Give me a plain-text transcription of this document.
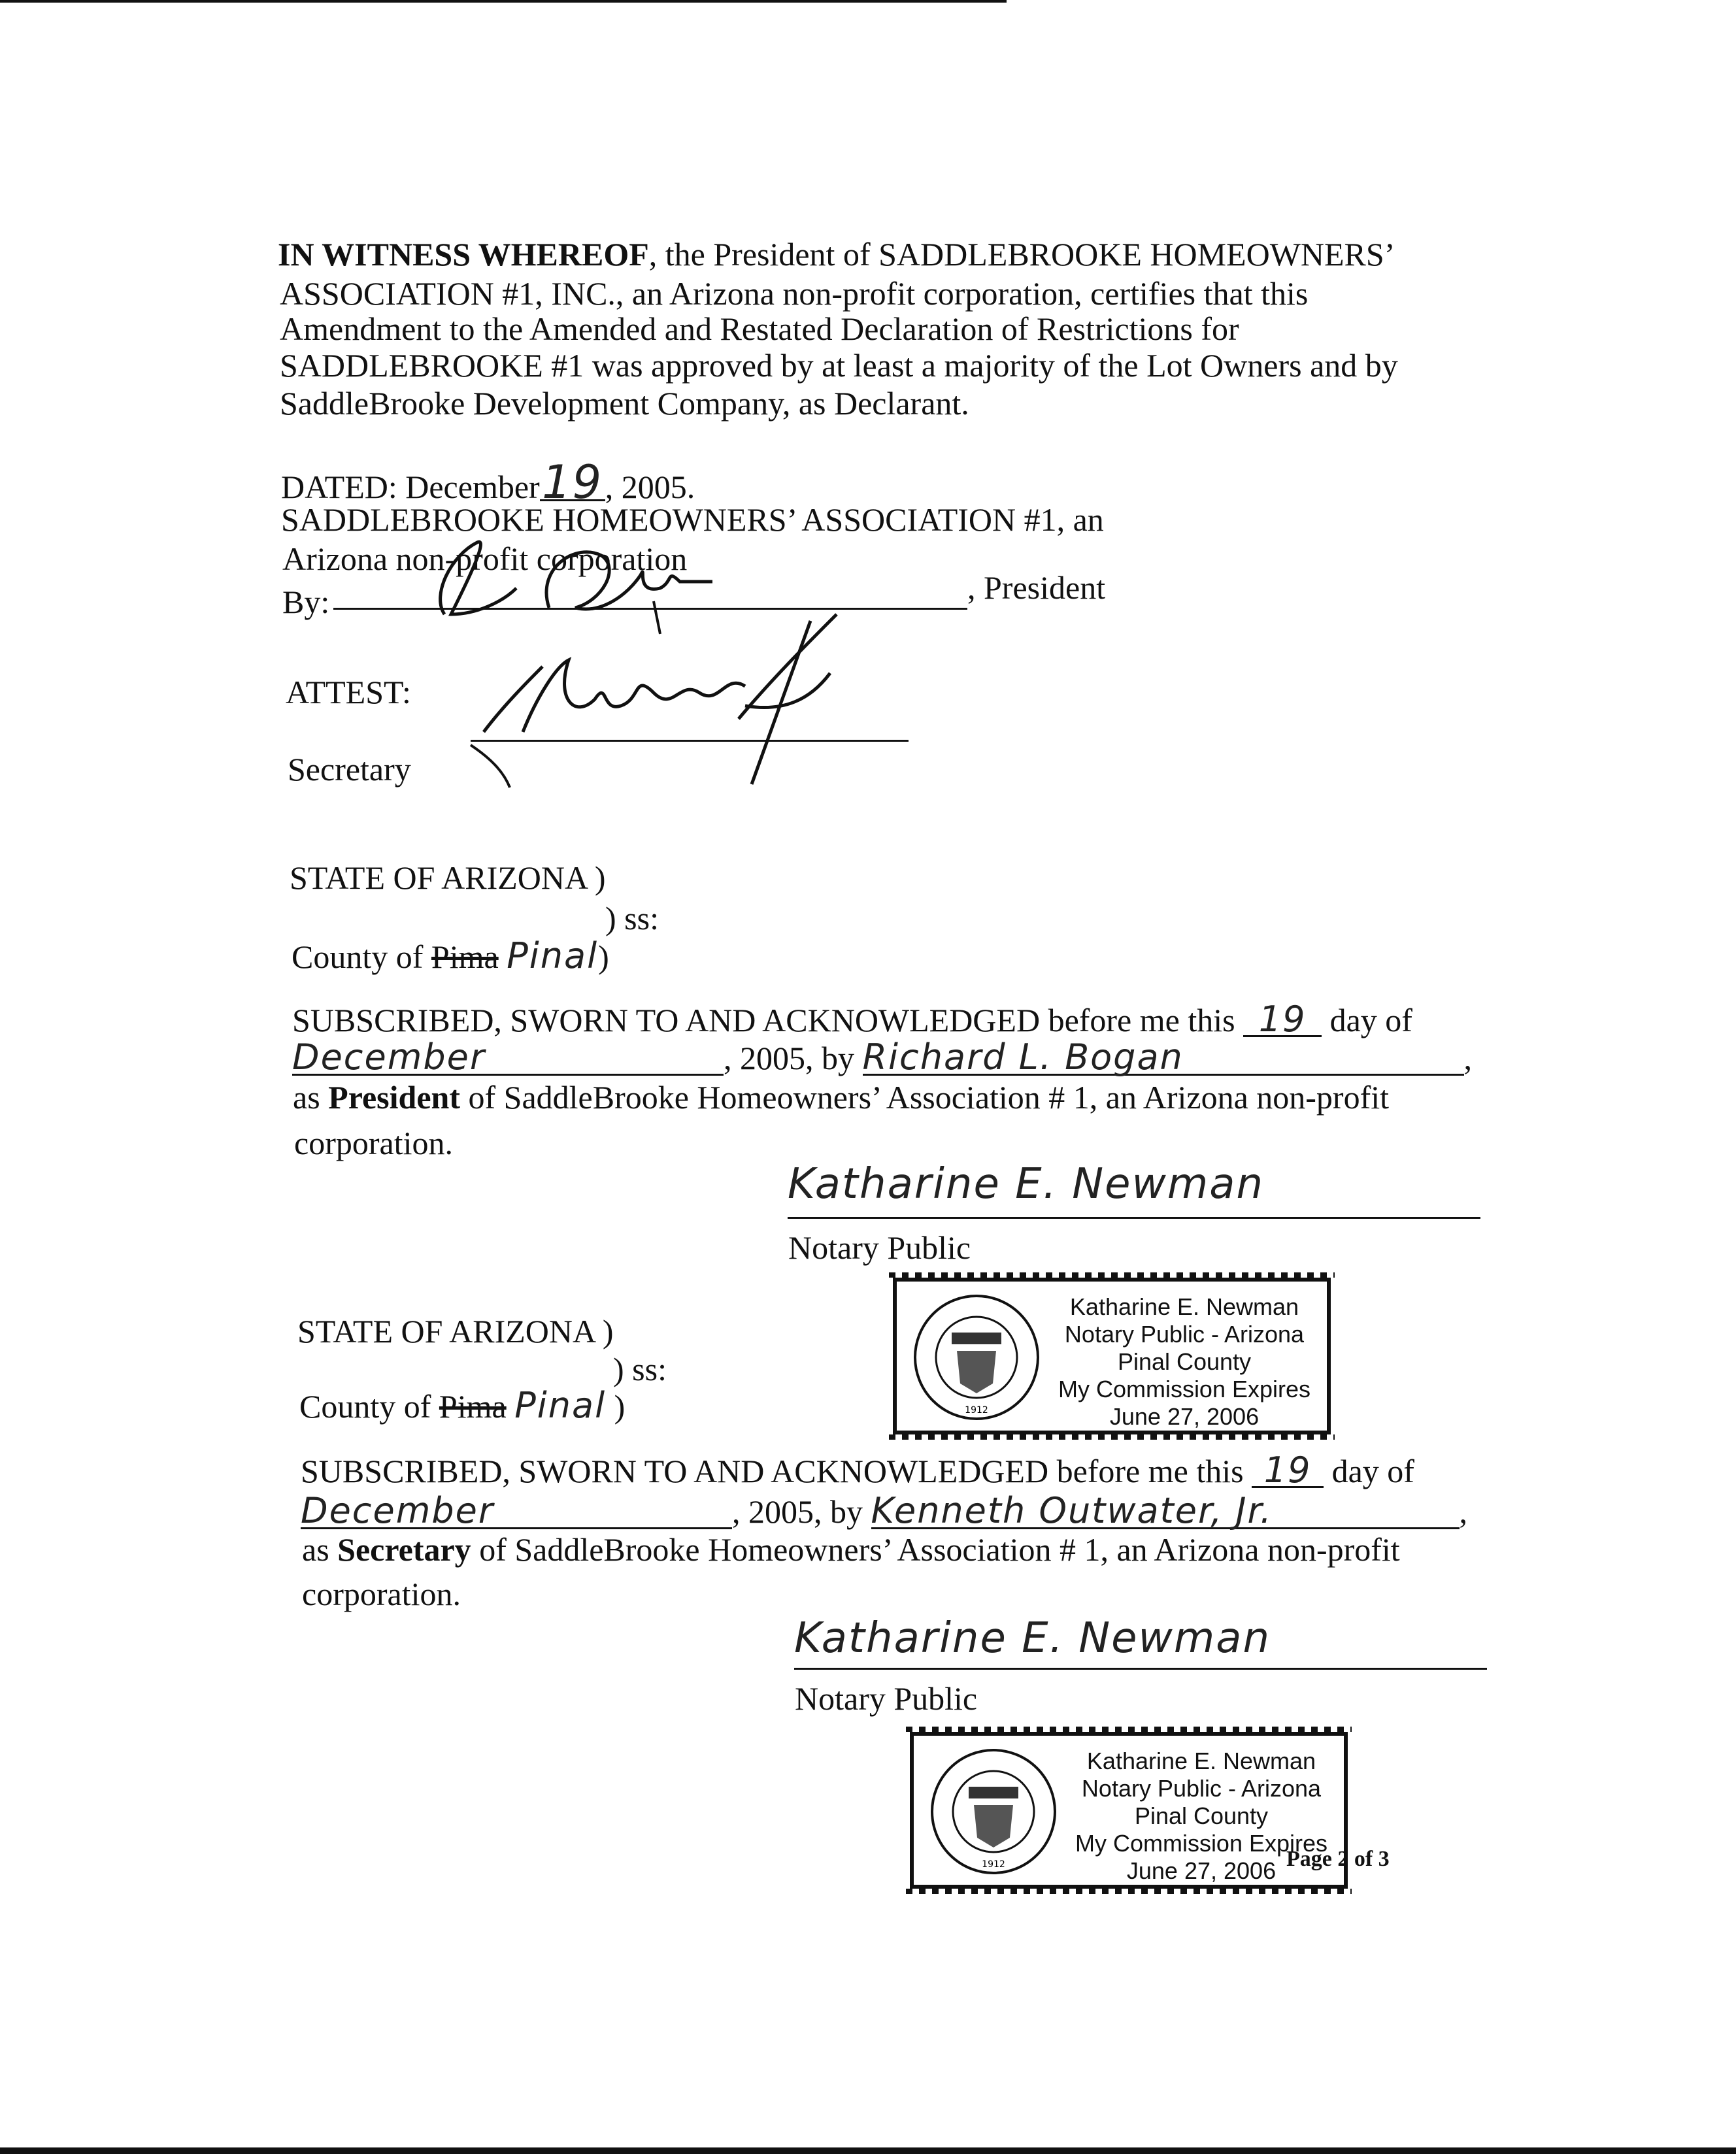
IN WITNESS WHEREOF, the President of SADDLEBROOKE HOMEOWNERS’
ASSOCIATION #1, INC., an Arizona non-profit corporation, certifies that this
Amendment to the Amended and Restated Declaration of Restrictions for
SADDLEBROOKE #1 was approved by at least a majority of the Lot Owners and by
SaddleBrooke Development Company, as Declarant.
DATED: December19, 2005.
SADDLEBROOKE HOMEOWNERS’ ASSOCIATION #1, an
Arizona non-profit corporation
By:	, President
ATTEST:
Secretary
STATE OF ARIZONA )
) ss:
County of Pima Pinal)
SUBSCRIBED, SWORN TO AND ACKNOWLEDGED before me this 19 day of
December	, 2005, by Richard L. Bogan	,
as President of SaddleBrooke Homeowners’ Association # 1, an Arizona non-profit
corporation.
Katharine E. Newman
Notary Public
1912
Katharine E. Newman
Notary Public - Arizona
Pinal County
My Commission Expires
June 27, 2006
STATE OF ARIZONA )
) ss:
County of Pima Pinal )
SUBSCRIBED, SWORN TO AND ACKNOWLEDGED before me this 19 day of
December	, 2005, by Kenneth Outwater, Jr.	,
as Secretary of SaddleBrooke Homeowners’ Association # 1, an Arizona non-profit
corporation.
Katharine E. Newman
Notary Public
1912
Katharine E. Newman
Notary Public - Arizona
Pinal County
My Commission Expires
June 27, 2006 Page 2 of 3
